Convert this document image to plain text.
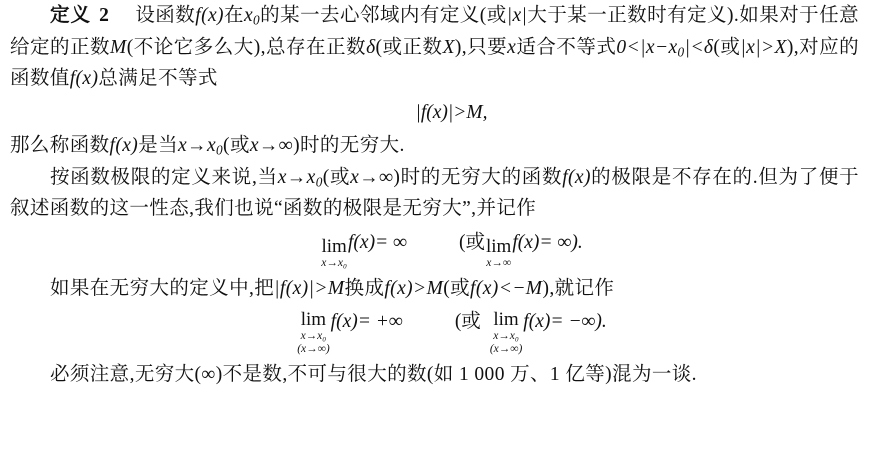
定义 2 设函数f(x)在$x_0$的某一去心邻域内有定义(或|x|大于某一正数时有定义).如果对于任意给定的正数M(不论它多么大),总存在正数δ(或正数X),只要x适合不等式$0<|x-x_0|<\delta$(或|x|>X),对应的函数值f(x)总满足不等式

|f(x)|>M,

那么称函数f(x)是当$x\to x_0$(或x→∞)时的无穷大.

按函数极限的定义来说,当$x\to x_0$(或x→∞)时的无穷大的函数f(x)的极限是不存在的.但为了便于叙述函数的这一性态,我们也说“函数的极限是无穷大”,并记作

lim
x→x₀
f(x)= ∞	(或 lim
x→∞
f(x)= ∞).

如果在无穷大的定义中,把|f(x)|>M换成f(x)>M(或f(x)<−M),就记作

lim
x→x₀
(x→∞)
f(x)= +∞	(或 lim
x→x₀
(x→∞)
f(x)= −∞).

必须注意,无穷大(∞)不是数,不可与很大的数(如 1 000 万、1 亿等)混为一谈.
